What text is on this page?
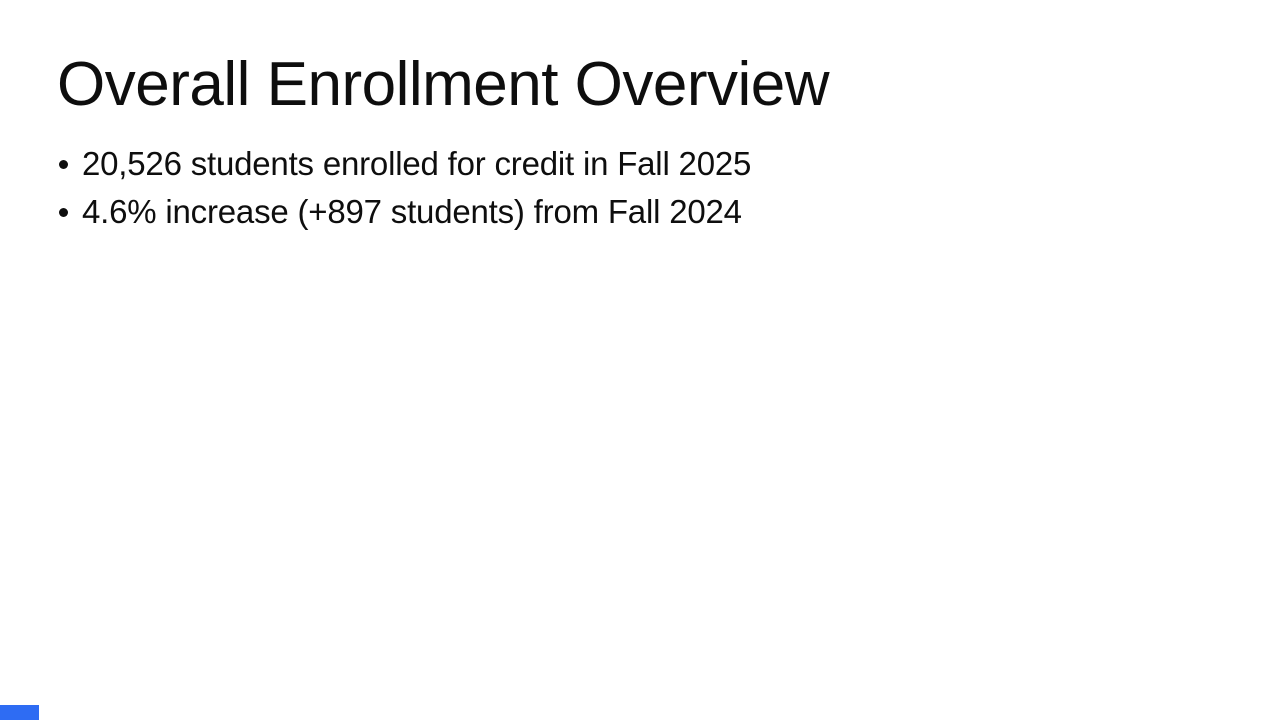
Overall Enrollment Overview
20,526 students enrolled for credit in Fall 2025
4.6% increase (+897 students) from Fall 2024
